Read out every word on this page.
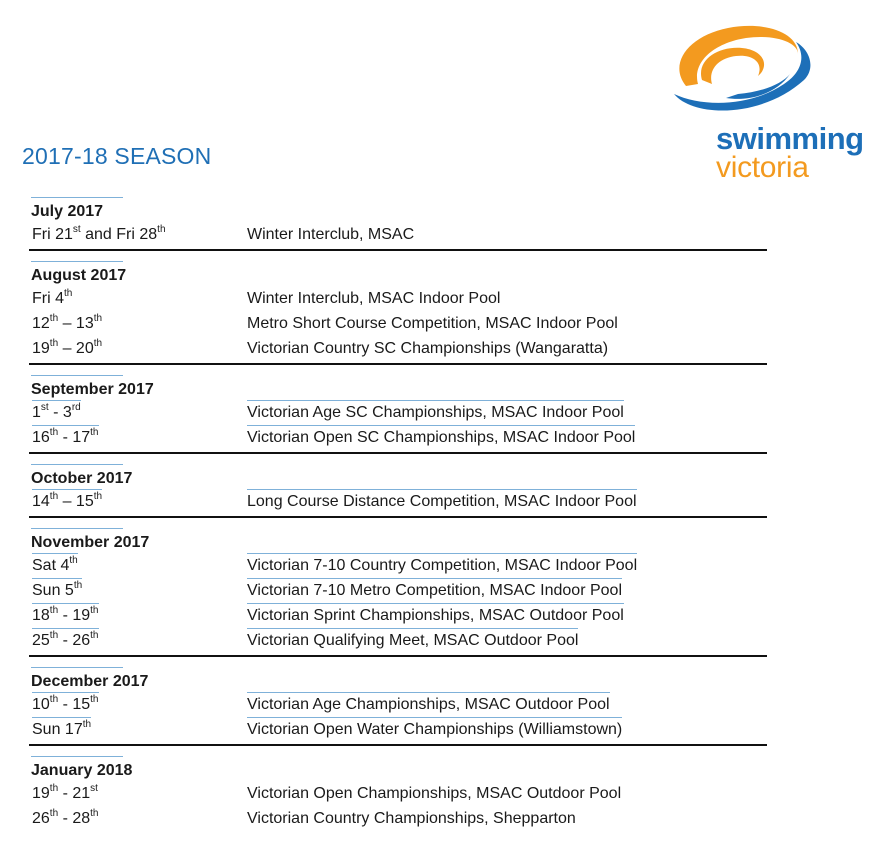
swimming
victoria
2017-18 SEASON
July 2017
Fri 21st and Fri 28th	Winter Interclub, MSAC
August 2017
Fri 4th	Winter Interclub, MSAC Indoor Pool
12th – 13th	Metro Short Course Competition, MSAC Indoor Pool
19th – 20th	Victorian Country SC Championships (Wangaratta)
September 2017
1st - 3rd	Victorian Age SC Championships, MSAC Indoor Pool
16th - 17th	Victorian Open SC Championships, MSAC Indoor Pool
October 2017
14th – 15th	Long Course Distance Competition, MSAC Indoor Pool
November 2017
Sat 4th	Victorian 7-10 Country Competition, MSAC Indoor Pool
Sun 5th	Victorian 7-10 Metro Competition, MSAC Indoor Pool
18th - 19th	Victorian Sprint Championships, MSAC Outdoor Pool
25th - 26th	Victorian Qualifying Meet, MSAC Outdoor Pool
December 2017
10th - 15th	Victorian Age Championships, MSAC Outdoor Pool
Sun 17th	Victorian Open Water Championships (Williamstown)
January 2018
19th - 21st	Victorian Open Championships, MSAC Outdoor Pool
26th - 28th	Victorian Country Championships, Shepparton
